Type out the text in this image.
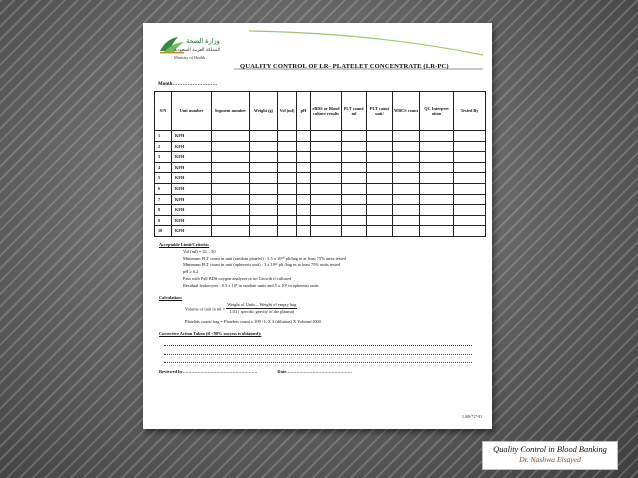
وزارة الصحة
المملكة العربية السعودية
Ministry of Health
QUALITY CONTROL OF LR- PLATELET CONCENTRATE (LR-PC)
Month………………………
S/N	Unit number	Segment number	Weight (g)	Vol (ml)	pH	eBDS or Blood culture results	PLT count/ ml	PLT count unit/	WBCS count	QC Interpret ation	Tested By
1	KFH										
2	KFH										
3	KFH										
4	KFH										
5	KFH										
6	KFH										
7	KFH										
8	KFH										
9	KFH										
10	KFH										
Acceptable Limit/Criteria:
Vol (ml) = 33 – 50
Minimum PLT count in unit (random platelet) : 5.5 x 10¹⁰ plt/bag in at least 75% units tested
Minimum PLT count in unit (apheresis unit) : 3 x 10¹¹ plt /bag in at least 75% units tested
pH ≥ 6.2
Pass with Pall BDS oxygen analyzer or no Growth if cultured
Residual leukocytes : 8.3 x 10⁵ in random units and 5 x 10⁶ in apheresis units
Calculation:
Volume of unit in ml = $\frac{\text{Weight of Units – Weight of empty bag}}{\text{1.03 ( specific gravity of the plasma)}}$
Platelets count/ bag = Platelets count x 109 / L X 3 (dilution) X Volume/1000
Corrective Action Taken (if <90% success is obtained):
Reviewed by……………………………………………	Date………………………………………
LAB-717-81
Quality Control in Blood Banking
Dr. Nashwa Elsayed
